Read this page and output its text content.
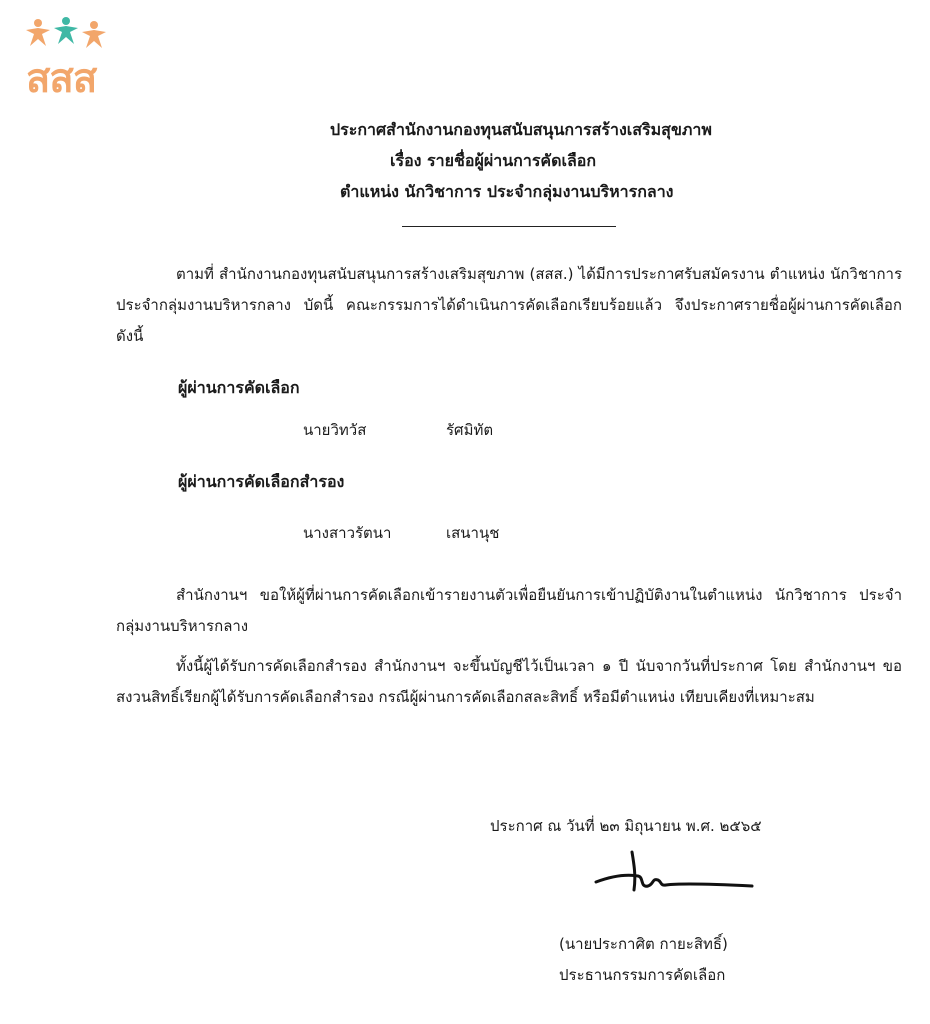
สสส
ประกาศสำนักงานกองทุนสนับสนุนการสร้างเสริมสุขภาพ
เรื่อง รายชื่อผู้ผ่านการคัดเลือก
ตำแหน่ง นักวิชาการ ประจำกลุ่มงานบริหารกลาง

ตามที่ สำนักงานกองทุนสนับสนุนการสร้างเสริมสุขภาพ (สสส.) ได้มีการประกาศรับสมัครงาน ตำแหน่ง นักวิชาการ ประจำกลุ่มงานบริหารกลาง บัดนี้ คณะกรรมการได้ดำเนินการคัดเลือกเรียบร้อยแล้ว จึงประกาศรายชื่อผู้ผ่านการคัดเลือก ดังนี้

ผู้ผ่านการคัดเลือก
นายวิทวัส	รัศมิทัต
ผู้ผ่านการคัดเลือกสำรอง
นางสาวรัตนา	เสนานุช

สำนักงานฯ ขอให้ผู้ที่ผ่านการคัดเลือกเข้ารายงานตัวเพื่อยืนยันการเข้าปฏิบัติงานในตำแหน่ง นักวิชาการ ประจำกลุ่มงานบริหารกลาง

ทั้งนี้ผู้ได้รับการคัดเลือกสำรอง สำนักงานฯ จะขึ้นบัญชีไว้เป็นเวลา ๑ ปี นับจากวันที่ประกาศ โดย สำนักงานฯ ขอสงวนสิทธิ์เรียกผู้ได้รับการคัดเลือกสำรอง กรณีผู้ผ่านการคัดเลือกสละสิทธิ์ หรือมีตำแหน่ง เทียบเคียงที่เหมาะสม

ประกาศ ณ วันที่ ๒๓ มิถุนายน พ.ศ. ๒๕๖๕
(นายประกาศิต กายะสิทธิ์)
ประธานกรรมการคัดเลือก
